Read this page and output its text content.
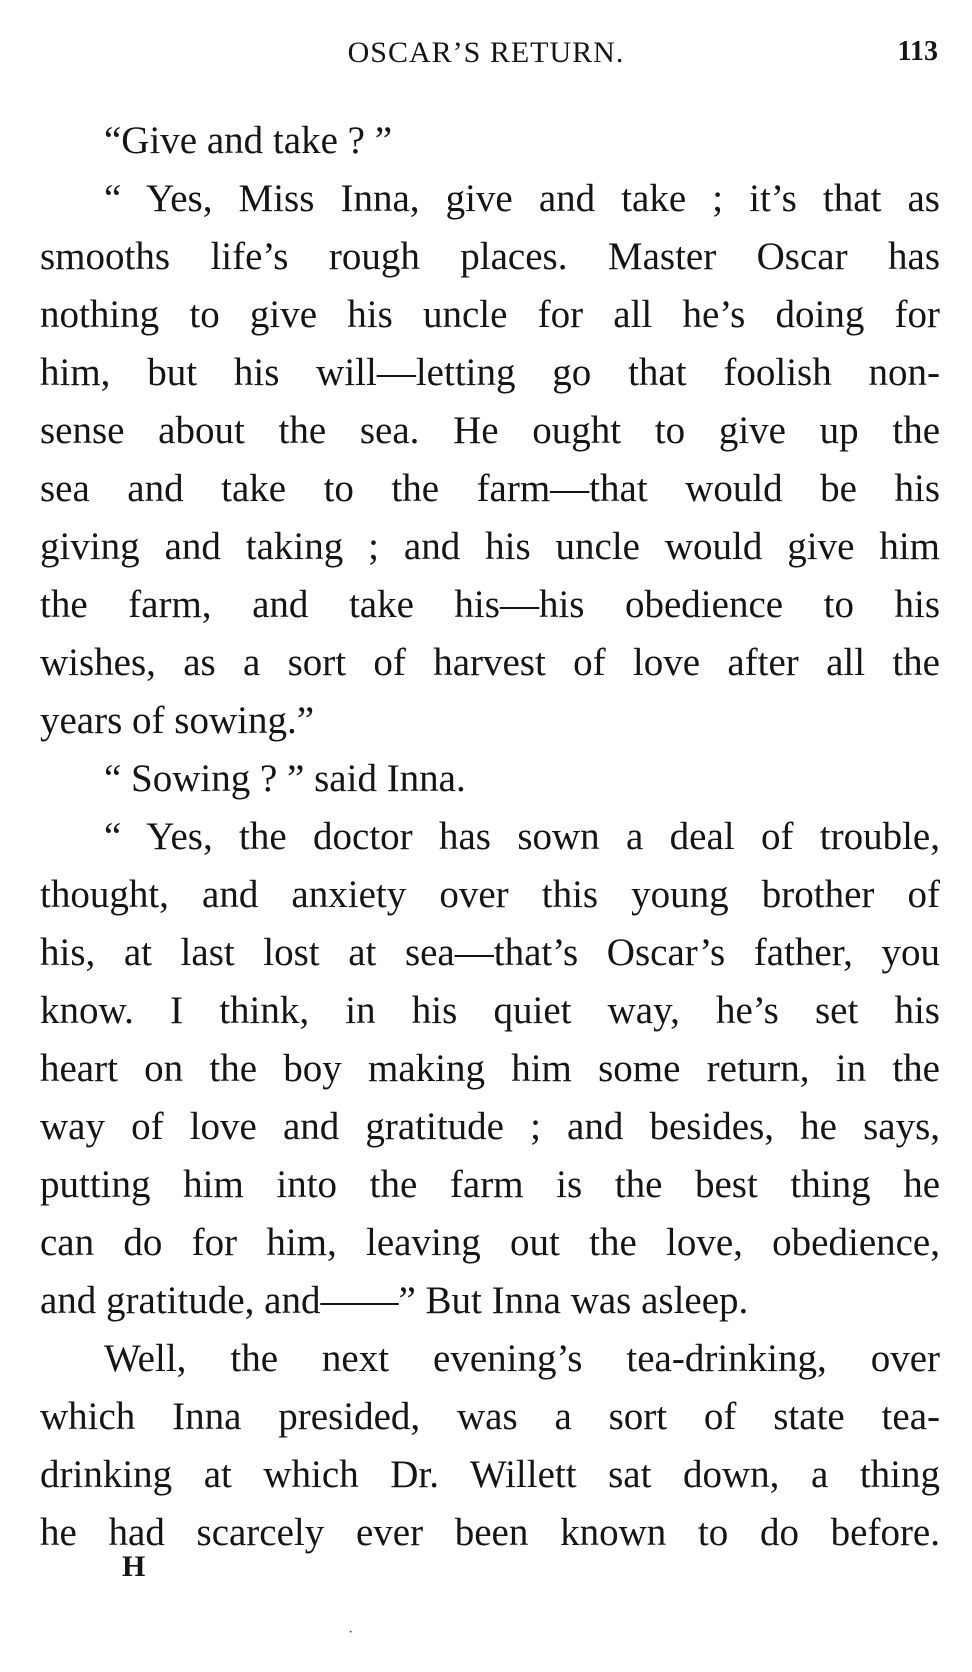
OSCAR’S RETURN.	113
“Give and take ? ”
“ Yes, Miss Inna, give and take ; it’s that as
smooths life’s rough places. Master Oscar has
nothing to give his uncle for all he’s doing for
him, but his will––letting go that foolish non-
sense about the sea. He ought to give up the
sea and take to the farm––that would be his
giving and taking ; and his uncle would give him
the farm, and take his––his obedience to his
wishes, as a sort of harvest of love after all the
years of sowing.”
“ Sowing ? ” said Inna.
“ Yes, the doctor has sown a deal of trouble,
thought, and anxiety over this young brother of
his, at last lost at sea––that’s Oscar’s father, you
know. I think, in his quiet way, he’s set his
heart on the boy making him some return, in the
way of love and gratitude ; and besides, he says,
putting him into the farm is the best thing he
can do for him, leaving out the love, obedience,
and gratitude, and——” But Inna was asleep.
Well, the next evening’s tea-drinking, over
which Inna presided, was a sort of state tea-
drinking at which Dr. Willett sat down, a thing
he had scarcely ever been known to do before.
H
·
